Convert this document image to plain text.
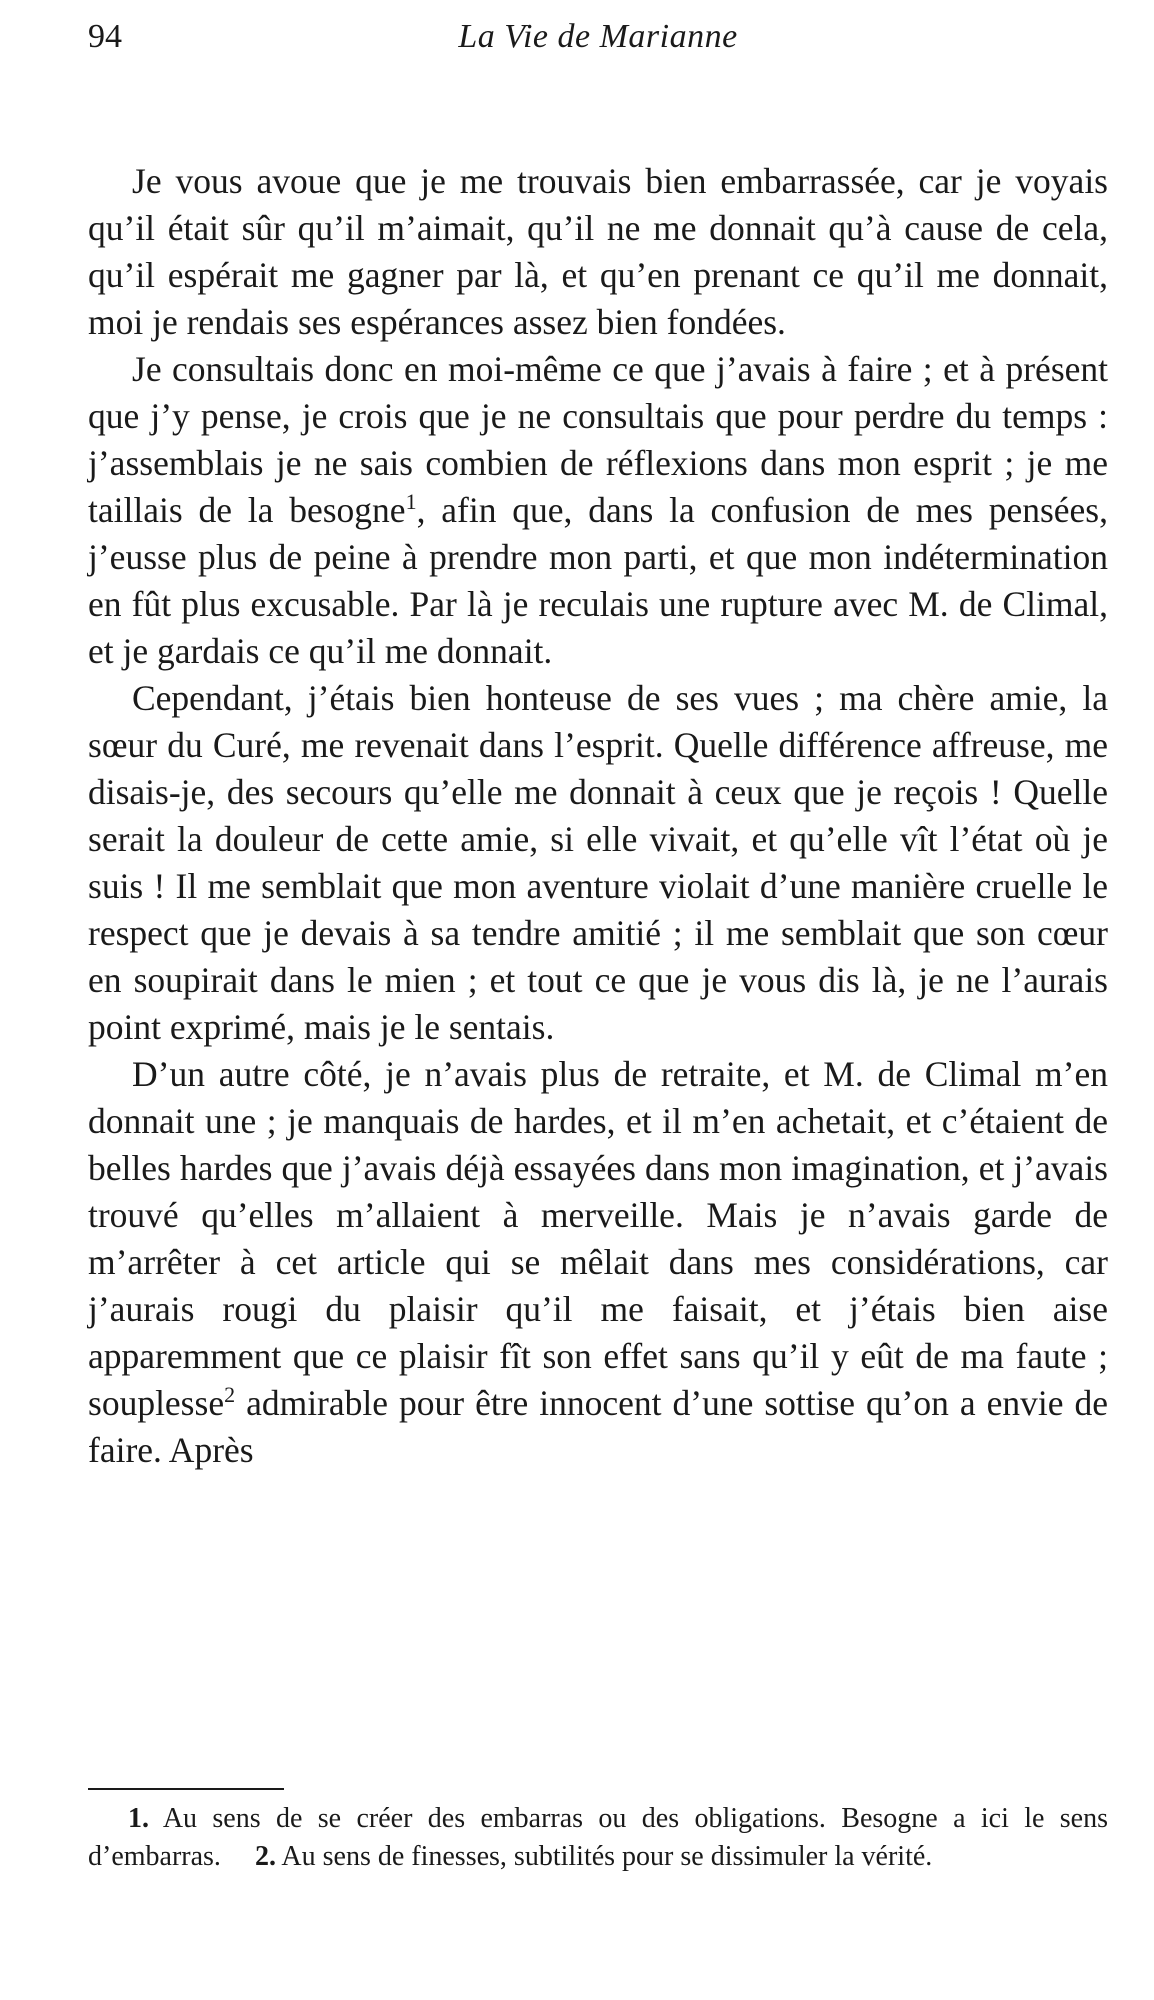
94	La Vie de Marianne

Je vous avoue que je me trouvais bien embarrassée, car je voyais qu’il était sûr qu’il m’aimait, qu’il ne me donnait qu’à cause de cela, qu’il espérait me gagner par là, et qu’en prenant ce qu’il me donnait, moi je rendais ses espérances assez bien fondées.

Je consultais donc en moi-même ce que j’avais à faire ; et à présent que j’y pense, je crois que je ne consultais que pour perdre du temps : j’assemblais je ne sais combien de réflexions dans mon esprit ; je me taillais de la besogne$^1$, afin que, dans la confusion de mes pensées, j’eusse plus de peine à prendre mon parti, et que mon indétermination en fût plus excusable. Par là je reculais une rupture avec M. de Climal, et je gardais ce qu’il me donnait.

Cependant, j’étais bien honteuse de ses vues ; ma chère amie, la sœur du Curé, me revenait dans l’esprit. Quelle différence affreuse, me disais-je, des secours qu’elle me donnait à ceux que je reçois ! Quelle serait la douleur de cette amie, si elle vivait, et qu’elle vît l’état où je suis ! Il me semblait que mon aventure violait d’une manière cruelle le respect que je devais à sa tendre amitié ; il me semblait que son cœur en soupirait dans le mien ; et tout ce que je vous dis là, je ne l’aurais point exprimé, mais je le sentais.

D’un autre côté, je n’avais plus de retraite, et M. de Climal m’en donnait une ; je manquais de hardes, et il m’en achetait, et c’étaient de belles hardes que j’avais déjà essayées dans mon imagination, et j’avais trouvé qu’elles m’allaient à merveille. Mais je n’avais garde de m’arrêter à cet article qui se mêlait dans mes considérations, car j’aurais rougi du plaisir qu’il me faisait, et j’étais bien aise apparemment que ce plaisir fît son effet sans qu’il y eût de ma faute ; souplesse$^2$ admirable pour être innocent d’une sottise qu’on a envie de faire. Après

1. Au sens de se créer des embarras ou des obligations. Besogne a ici le sens d’embarras. 2. Au sens de finesses, subtilités pour se dissimuler la vérité.
